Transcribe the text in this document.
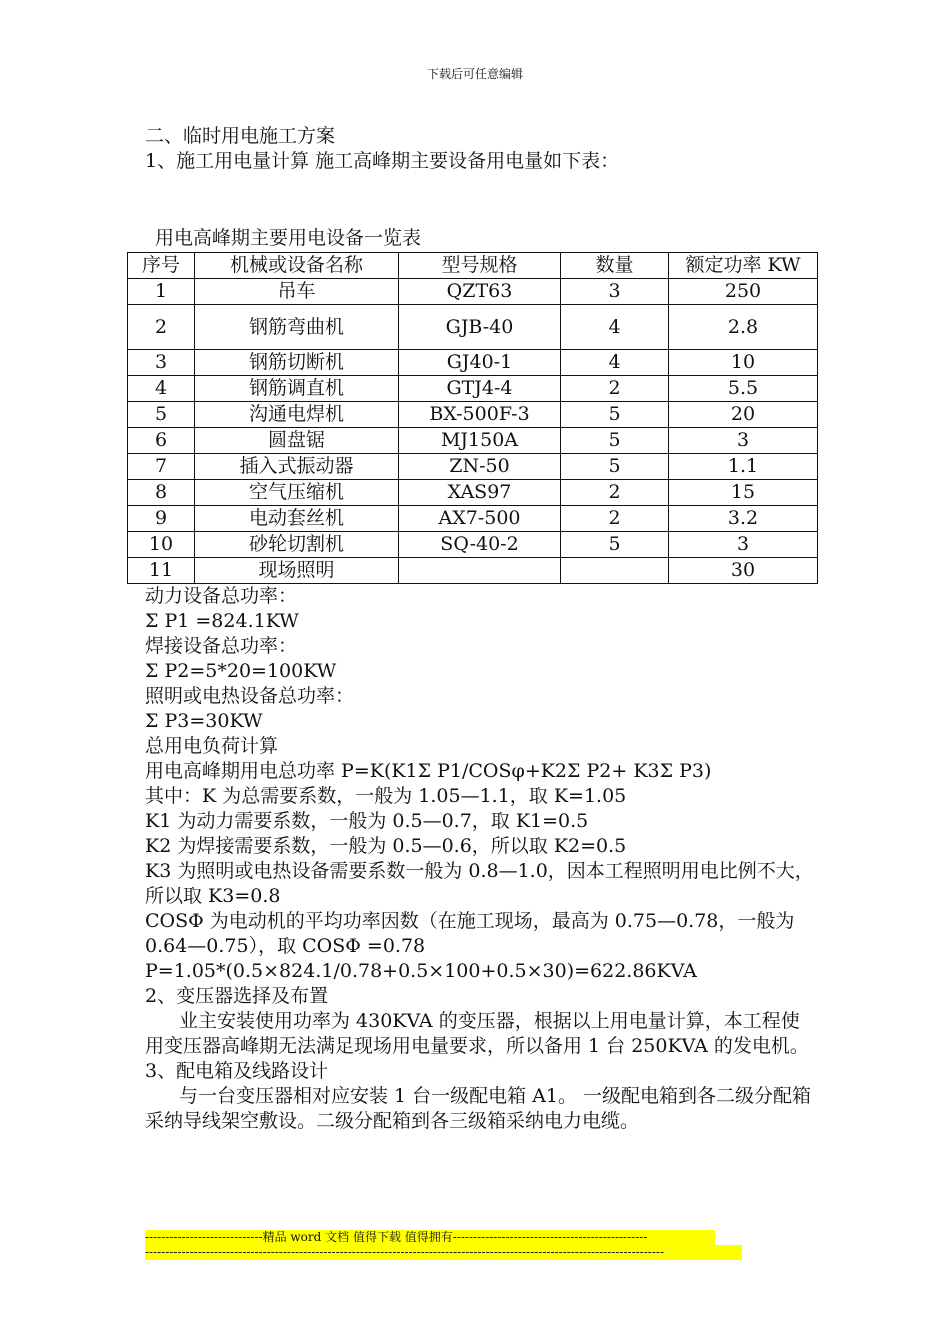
下载后可任意编辑

二、临时用电施工方案

1、施工用电量计算 施工高峰期主要设备用电量如下表：

用电高峰期主要用电设备一览表

序号	机械或设备名称	型号规格	数量	额定功率 KW
1	吊车	QZT63	3	250
2	钢筋弯曲机	GJB-40	4	2.8
3	钢筋切断机	GJ40-1	4	10
4	钢筋调直机	GTJ4-4	2	5.5
5	沟通电焊机	BX-500F-3	5	20
6	圆盘锯	MJ150A	5	3
7	插入式振动器	ZN-50	5	1.1
8	空气压缩机	XAS97	2	15
9	电动套丝机	AX7-500	2	3.2
10	砂轮切割机	SQ-40-2	5	3
11	现场照明			30

动力设备总功率：

Σ P1 =824.1KW

焊接设备总功率：

Σ P2=5*20=100KW

照明或电热设备总功率：

Σ P3=30KW

总用电负荷计算

用电高峰期用电总功率 P=K(K1Σ P1/COSφ+K2Σ P2+ K3Σ P3)

其中：K 为总需要系数，一般为 1.05—1.1，取 K=1.05

K1 为动力需要系数，一般为 0.5—0.7，取 K1=0.5

K2 为焊接需要系数，一般为 0.5—0.6，所以取 K2=0.5

K3 为照明或电热设备需要系数一般为 0.8—1.0，因本工程照明用电比例不大，

所以取 K3=0.8

COSΦ 为电动机的平均功率因数（在施工现场，最高为 0.75—0.78，一般为 0.64—0.75），取 COSΦ =0.78

P=1.05*(0.5×824.1/0.78+0.5×100+0.5×30)=622.86KVA

2、变压器选择及布置

业主安装使用功率为 430KVA 的变压器，根据以上用电量计算，本工程使用变压器高峰期无法满足现场用电量要求，所以备用 1 台 250KVA 的发电机。

3、配电箱及线路设计

与一台变压器相对应安装 1 台一级配电箱 A1。 一级配电箱到各二级分配箱采纳导线架空敷设。二级分配箱到各三级箱采纳电力电缆。

-----------------------------精品 word 文档 值得下载 值得拥有------------------------------------------------
--------------------------------------------------------------------------------------------------------------------------------
